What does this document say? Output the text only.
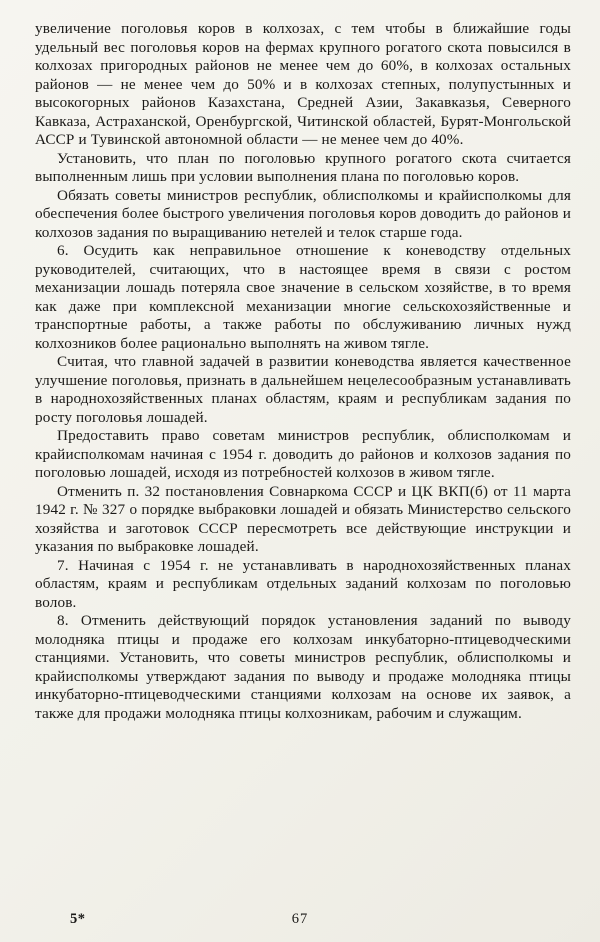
увеличение поголовья коров в колхозах, с тем чтобы в ближайшие годы удельный вес поголовья коров на фермах крупного рогатого скота повысился в колхозах пригородных районов не менее чем до 60%, в колхозах остальных районов — не менее чем до 50% и в колхозах степных, полупустынных и высокогорных районов Казахстана, Средней Азии, Закавказья, Северного Кавказа, Астраханской, Оренбургской, Читинской областей, Бурят-Монгольской АССР и Тувинской автономной области — не менее чем до 40%.

Установить, что план по поголовью крупного рогатого скота считается выполненным лишь при условии выполнения плана по поголовью коров.

Обязать советы министров республик, облисполкомы и крайисполкомы для обеспечения более быстрого увеличения поголовья коров доводить до районов и колхозов задания по выращиванию нетелей и телок старше года.

6. Осудить как неправильное отношение к коневодству отдельных руководителей, считающих, что в настоящее время в связи с ростом механизации лошадь потеряла свое значение в сельском хозяйстве, в то время как даже при комплексной механизации многие сельскохозяйственные и транспортные работы, а также работы по обслуживанию личных нужд колхозников более рационально выполнять на живом тягле.

Считая, что главной задачей в развитии коневодства является качественное улучшение поголовья, признать в дальнейшем нецелесообразным устанавливать в народнохозяйственных планах областям, краям и республикам задания по росту поголовья лошадей.

Предоставить право советам министров республик, облисполкомам и крайисполкомам начиная с 1954 г. доводить до районов и колхозов задания по поголовью лошадей, исходя из потребностей колхозов в живом тягле.

Отменить п. 32 постановления Совнаркома СССР и ЦК ВКП(б) от 11 марта 1942 г. № 327 о порядке выбраковки лошадей и обязать Министерство сельского хозяйства и заготовок СССР пересмотреть все действующие инструкции и указания по выбраковке лошадей.

7. Начиная с 1954 г. не устанавливать в народнохозяйственных планах областям, краям и республикам отдельных заданий колхозам по поголовью волов.

8. Отменить действующий порядок установления заданий по выводу молодняка птицы и продаже его колхозам инкубаторно-птицеводческими станциями. Установить, что советы министров республик, облисполкомы и крайисполкомы утверждают задания по выводу и продаже молодняка птицы инкубаторно-птицеводческими станциями колхозам на основе их заявок, а также для продажи молодняка птицы колхозникам, рабочим и служащим.

5*	67
